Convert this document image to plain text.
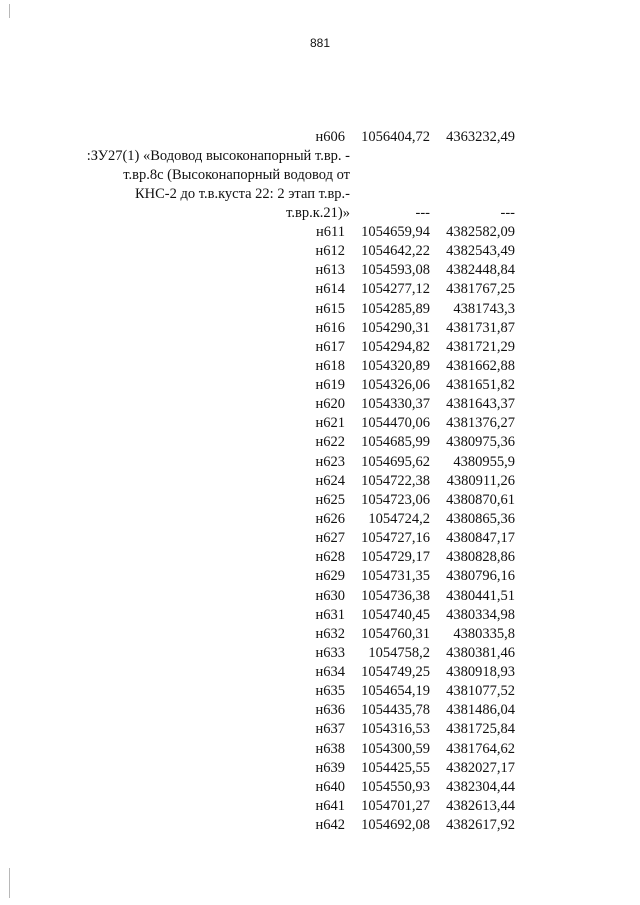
881
н606 1056404,72 4363232,49
:ЗУ27(1) «Водовод высоконапорный т.вр. -
т.вр.8с (Высоконапорный водовод от
КНС-2 до т.в.куста 22: 2 этап т.вр.-
т.вр.к.21)»	---	---
н611 1054659,94 4382582,09
н612 1054642,22 4382543,49
н613 1054593,08 4382448,84
н614 1054277,12 4381767,25
н615 1054285,89 4381743,3
н616 1054290,31 4381731,87
н617 1054294,82 4381721,29
н618 1054320,89 4381662,88
н619 1054326,06 4381651,82
н620 1054330,37 4381643,37
н621 1054470,06 4381376,27
н622 1054685,99 4380975,36
н623 1054695,62 4380955,9
н624 1054722,38 4380911,26
н625 1054723,06 4380870,61
н626 1054724,2 4380865,36
н627 1054727,16 4380847,17
н628 1054729,17 4380828,86
н629 1054731,35 4380796,16
н630 1054736,38 4380441,51
н631 1054740,45 4380334,98
н632 1054760,31 4380335,8
н633 1054758,2 4380381,46
н634 1054749,25 4380918,93
н635 1054654,19 4381077,52
н636 1054435,78 4381486,04
н637 1054316,53 4381725,84
н638 1054300,59 4381764,62
н639 1054425,55 4382027,17
н640 1054550,93 4382304,44
н641 1054701,27 4382613,44
н642 1054692,08 4382617,92
